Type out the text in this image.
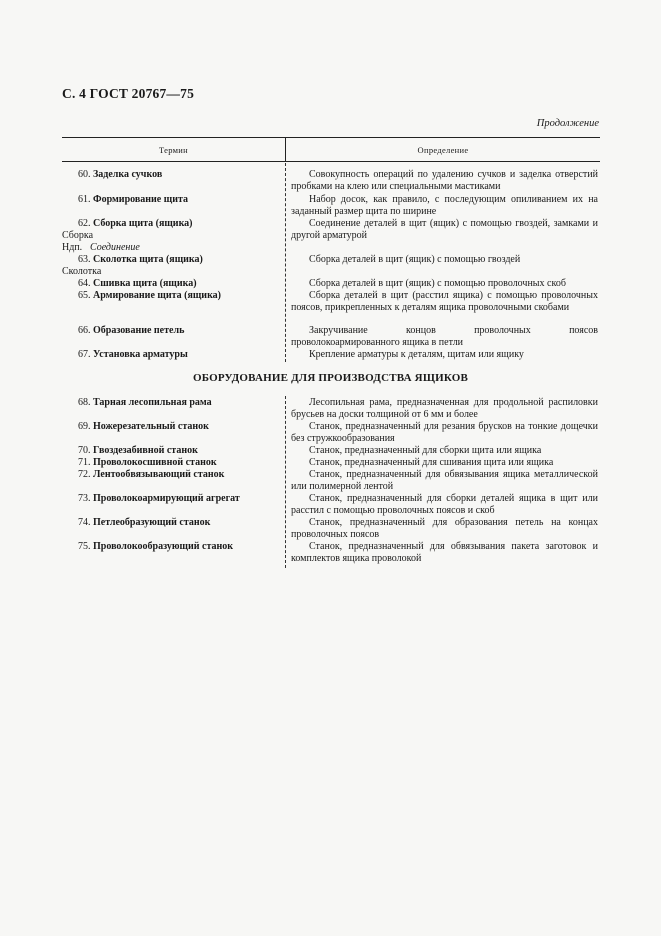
С. 4 ГОСТ 20767—75
Продолжение
Термин	Определение
60. Заделка сучков	Совокупность операций по удалению сучков и заделка отверстий пробками на клею или специальными мастиками
61. Формирование щита	Набор досок, как правило, с последующим опиливанием их на заданный размер щита по ширине
62. Сборка щита (ящика)	Соединение деталей в щит (ящик) с помощью гвоздей, замками и другой арматурой
Сборка
Ндп. Соединение
63. Сколотка щита (ящика)	Сборка деталей в щит (ящик) с помощью гвоздей
Сколотка
64. Сшивка щита (ящика)	Сборка деталей в щит (ящик) с помощью проволочных скоб
65. Армирование щита (ящика)	Сборка деталей в щит (расстил ящика) с помощью проволочных поясов, прикрепленных к деталям ящика проволочными скобами
66. Образование петель	Закручивание концов проволочных поясов проволокоармированного ящика в петли
67. Установка арматуры	Крепление арматуры к деталям, щитам или ящику
ОБОРУДОВАНИЕ ДЛЯ ПРОИЗВОДСТВА ЯЩИКОВ
68. Тарная лесопильная рама	Лесопильная рама, предназначенная для продольной распиловки брусьев на доски толщиной от 6 мм и более
69. Ножерезательный станок	Станок, предназначенный для резания брусков на тонкие дощечки без стружкообразования
70. Гвоздезабивной станок	Станок, предназначенный для сборки щита или ящика
71. Проволокосшивной станок	Станок, предназначенный для сшивания щита или ящика
72. Лентообвязывающий станок	Станок, предназначенный для обвязывания ящика металлической или полимерной лентой
73. Проволокоармирующий агрегат	Станок, предназначенный для сборки деталей ящика в щит или расстил с помощью проволочных поясов и скоб
74. Петлеобразующий станок	Станок, предназначенный для образования петель на концах проволочных поясов
75. Проволокообразующий станок	Станок, предназначенный для обвязывания пакета заготовок и комплектов ящика проволокой
